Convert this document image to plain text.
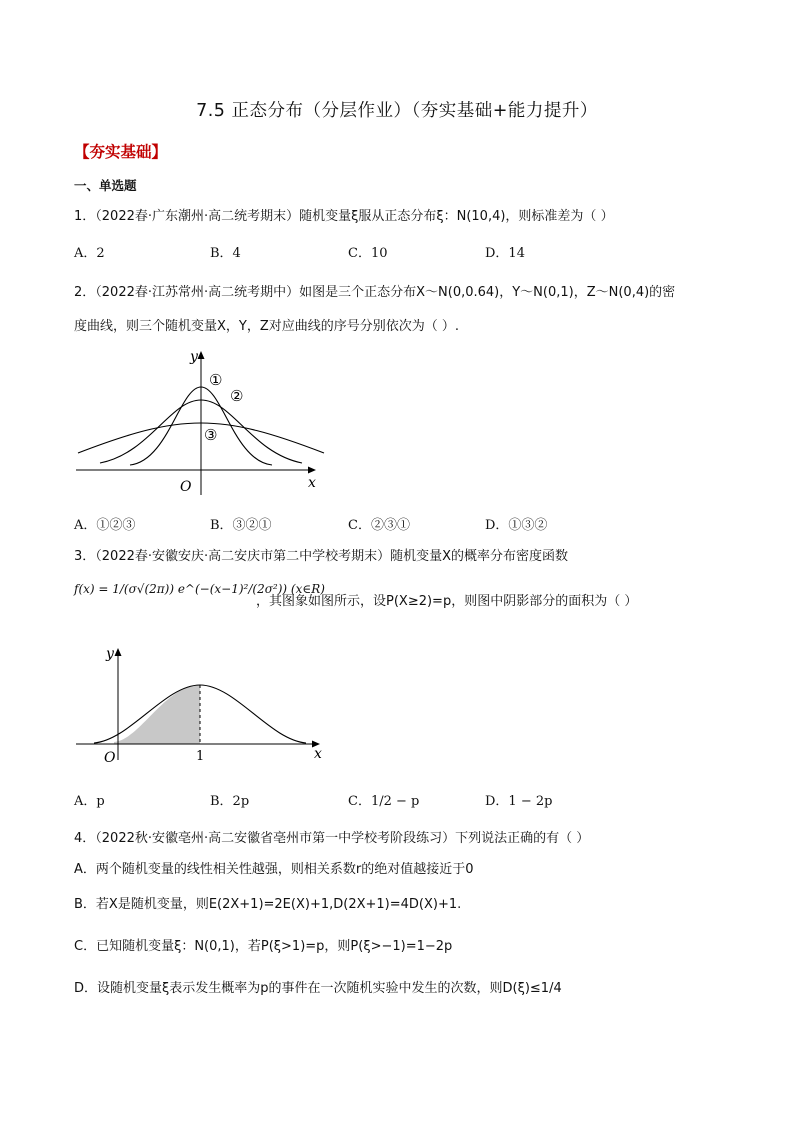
7.5 正态分布（分层作业）（夯实基础+能力提升）
【夯实基础】
一、单选题
1．（2022春·广东潮州·高二统考期末）随机变量ξ服从正态分布ξ：N(10,4)，则标准差为（ ）
A．2	B．4	C．10	D．14
2．（2022春·江苏常州·高二统考期中）如图是三个正态分布X～N(0,0.64)，Y～N(0,1)，Z～N(0,4)的密
度曲线，则三个随机变量X，Y，Z对应曲线的序号分别依次为（ ）.
y
x
O
①
②
③
A．①②③	B．③②①	C．②③①	D．①③②
3．（2022春·安徽安庆·高二安庆市第二中学校考期末）随机变量X的概率分布密度函数
f(x) = 1/(σ√(2π)) e^(−(x−1)²/(2σ²)) (x∈R)
，其图象如图所示，设P(X≥2)=p，则图中阴影部分的面积为（ ）
y
x
O	1
A．p	B．2p	C．1/2 − p	D．1 − 2p
4．（2022秋·安徽亳州·高二安徽省亳州市第一中学校考阶段练习）下列说法正确的有（ ）
A．两个随机变量的线性相关性越强，则相关系数r的绝对值越接近于0
B．若X是随机变量，则E(2X+1)=2E(X)+1,D(2X+1)=4D(X)+1.
C．已知随机变量ξ：N(0,1)，若P(ξ>1)=p，则P(ξ>−1)=1−2p
D．设随机变量ξ表示发生概率为p的事件在一次随机实验中发生的次数，则D(ξ)≤1/4
